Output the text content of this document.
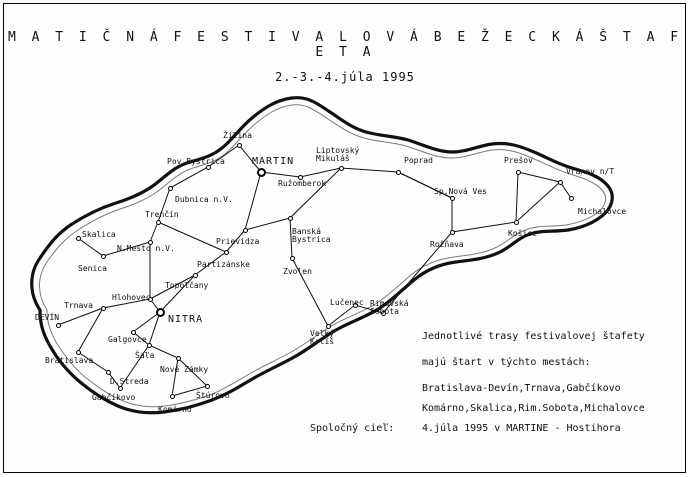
M A T I Č N Á F E S T I V A L O V Á B E Ž E C K Á Š T A F E T A
2.-3.-4.júla 1995
Žilina
MARTIN
Pov.Bystrica
Liptovský
Mikuláš	Poprad	Prešov
Vranov n/T
Michalovce
Sp.Nová Ves
Ružomberok
Dubnica n.V.
Trenčín
Prievidza
Banská
Bystrica
Skalica
N.Mesto n.V.
Senica	Partizánske
Zvolen
Košice
Rožňava
Topoľčany
Hlohovec
NITRA
Trnava
DEVÍN
Galgovce
Bratislava
Šaľa
Nové Zámky
D.Streda
Gabčíkovo
Komárno
Štúrovo
Lučenec Rimavská
Sobota
Veľký
Krtíš	Jednotlivé trasy festivalovej štafety
majú štart v týchto mestách:
Bratislava-Devín,Trnava,Gabčíkovo
Komárno,Skalica,Rim.Sobota,Michalovce
Spoločný cieľ:	4.júla 1995 v MARTINE - Hostihora
